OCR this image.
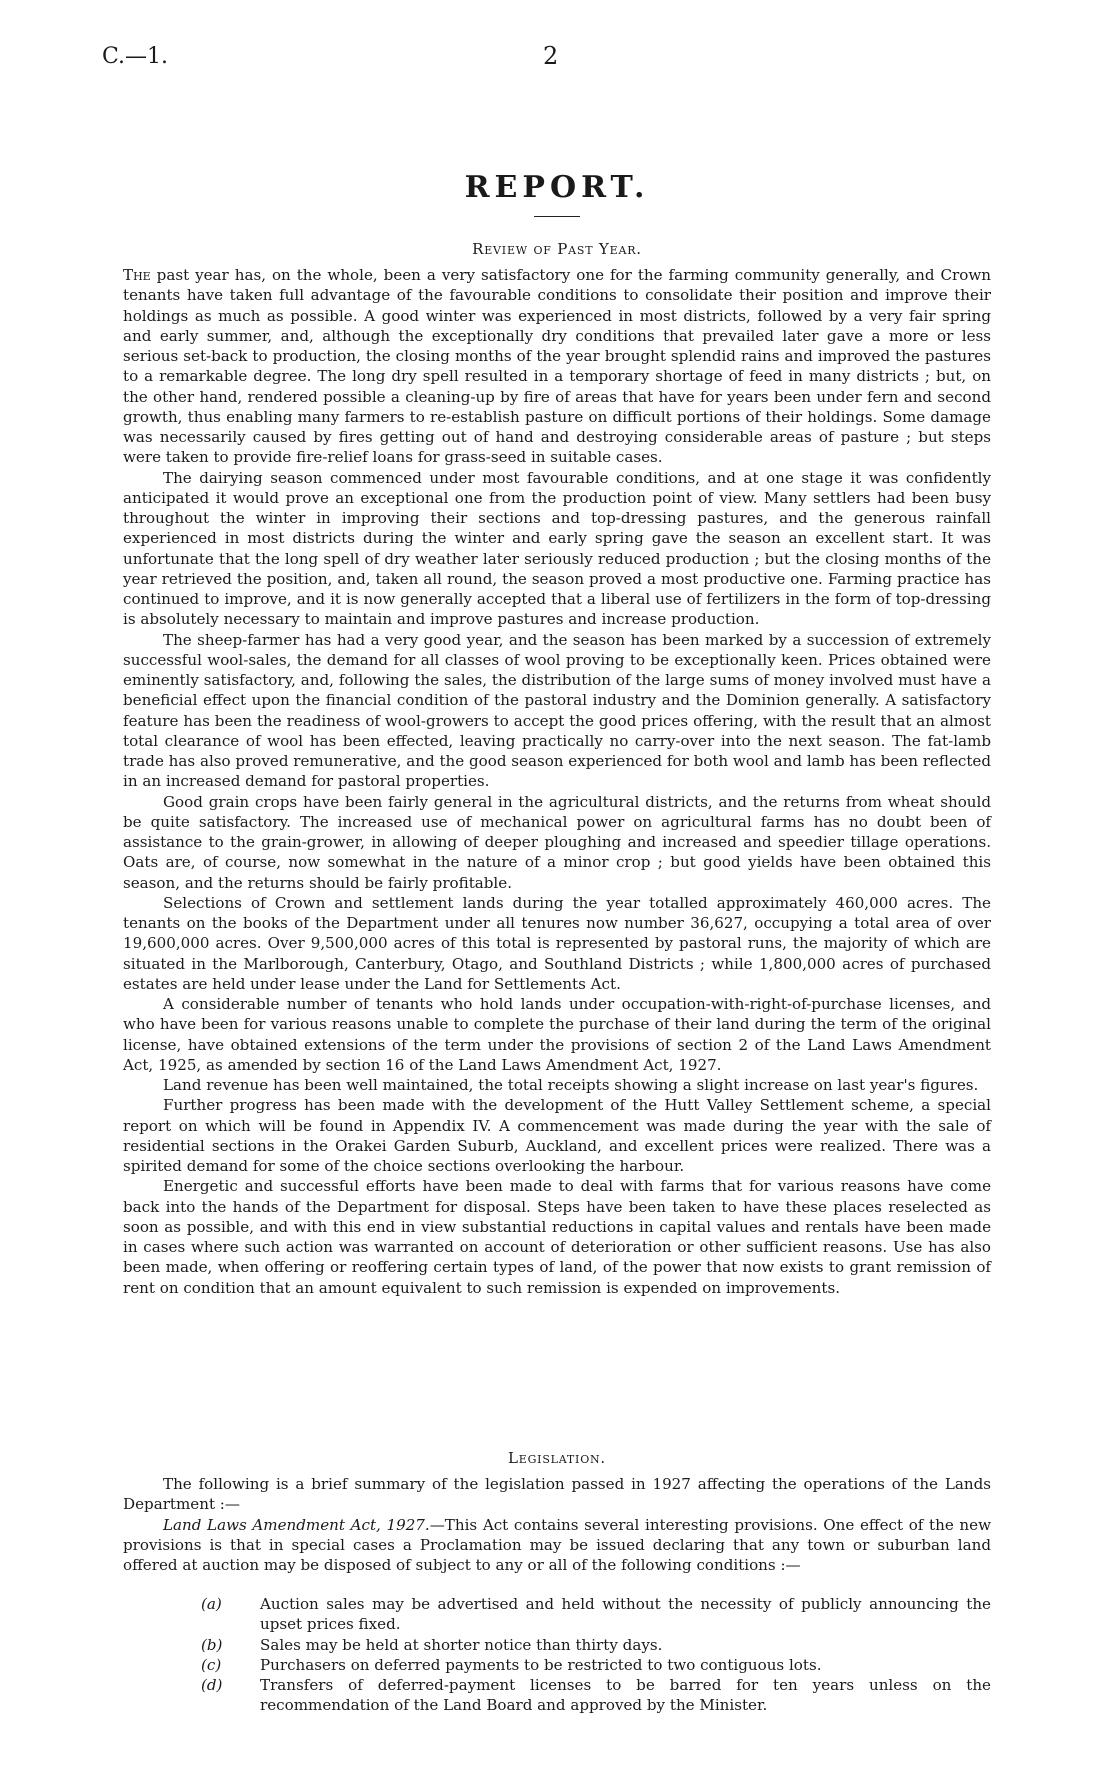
C.—1.	2
REPORT.
Review of Past Year.

The past year has, on the whole, been a very satisfactory one for the farming community generally, and Crown tenants have taken full advantage of the favourable conditions to consolidate their position and improve their holdings as much as possible. A good winter was experienced in most districts, followed by a very fair spring and early summer, and, although the exceptionally dry conditions that prevailed later gave a more or less serious set-back to production, the closing months of the year brought splendid rains and improved the pastures to a remarkable degree. The long dry spell resulted in a temporary shortage of feed in many districts ; but, on the other hand, rendered possible a cleaning-up by fire of areas that have for years been under fern and second growth, thus enabling many farmers to re-establish pasture on difficult portions of their holdings. Some damage was necessarily caused by fires getting out of hand and destroying considerable areas of pasture ; but steps were taken to provide fire-relief loans for grass-seed in suitable cases.

The dairying season commenced under most favourable conditions, and at one stage it was confidently anticipated it would prove an exceptional one from the production point of view. Many settlers had been busy throughout the winter in improving their sections and top-dressing pastures, and the generous rainfall experienced in most districts during the winter and early spring gave the season an excellent start. It was unfortunate that the long spell of dry weather later seriously reduced production ; but the closing months of the year retrieved the position, and, taken all round, the season proved a most productive one. Farming practice has continued to improve, and it is now generally accepted that a liberal use of fertilizers in the form of top-dressing is absolutely necessary to maintain and improve pastures and increase production.

The sheep-farmer has had a very good year, and the season has been marked by a succession of extremely successful wool-sales, the demand for all classes of wool proving to be exceptionally keen. Prices obtained were eminently satisfactory, and, following the sales, the distribution of the large sums of money involved must have a beneficial effect upon the financial condition of the pastoral industry and the Dominion generally. A satisfactory feature has been the readiness of wool-growers to accept the good prices offering, with the result that an almost total clearance of wool has been effected, leaving practically no carry-over into the next season. The fat-lamb trade has also proved remunerative, and the good season experienced for both wool and lamb has been reflected in an increased demand for pastoral properties.

Good grain crops have been fairly general in the agricultural districts, and the returns from wheat should be quite satisfactory. The increased use of mechanical power on agricultural farms has no doubt been of assistance to the grain-grower, in allowing of deeper ploughing and increased and speedier tillage operations. Oats are, of course, now somewhat in the nature of a minor crop ; but good yields have been obtained this season, and the returns should be fairly profitable.

Selections of Crown and settlement lands during the year totalled approximately 460,000 acres. The tenants on the books of the Department under all tenures now number 36,627, occupying a total area of over 19,600,000 acres. Over 9,500,000 acres of this total is represented by pastoral runs, the majority of which are situated in the Marlborough, Canterbury, Otago, and Southland Districts ; while 1,800,000 acres of purchased estates are held under lease under the Land for Settlements Act.

A considerable number of tenants who hold lands under occupation-with-right-of-purchase licenses, and who have been for various reasons unable to complete the purchase of their land during the term of the original license, have obtained extensions of the term under the provisions of section 2 of the Land Laws Amendment Act, 1925, as amended by section 16 of the Land Laws Amendment Act, 1927.

Land revenue has been well maintained, the total receipts showing a slight increase on last year's figures.

Further progress has been made with the development of the Hutt Valley Settlement scheme, a special report on which will be found in Appendix IV. A commencement was made during the year with the sale of residential sections in the Orakei Garden Suburb, Auckland, and excellent prices were realized. There was a spirited demand for some of the choice sections overlooking the harbour.

Energetic and successful efforts have been made to deal with farms that for various reasons have come back into the hands of the Department for disposal. Steps have been taken to have these places reselected as soon as possible, and with this end in view substantial reductions in capital values and rentals have been made in cases where such action was warranted on account of deterioration or other sufficient reasons. Use has also been made, when offering or reoffering certain types of land, of the power that now exists to grant remission of rent on condition that an amount equivalent to such remission is expended on improvements.

Legislation.

The following is a brief summary of the legislation passed in 1927 affecting the operations of the Lands Department :—

Land Laws Amendment Act, 1927.—This Act contains several interesting provisions. One effect of the new provisions is that in special cases a Proclamation may be issued declaring that any town or suburban land offered at auction may be disposed of subject to any or all of the following conditions :—

(a)	Auction sales may be advertised and held without the necessity of publicly announcing the upset prices fixed.
(b) Sales may be held at shorter notice than thirty days.
(c)	Purchasers on deferred payments to be restricted to two contiguous lots.
(d) Transfers of deferred-payment licenses to be barred for ten years unless on the recommendation of the Land Board and approved by the Minister.
